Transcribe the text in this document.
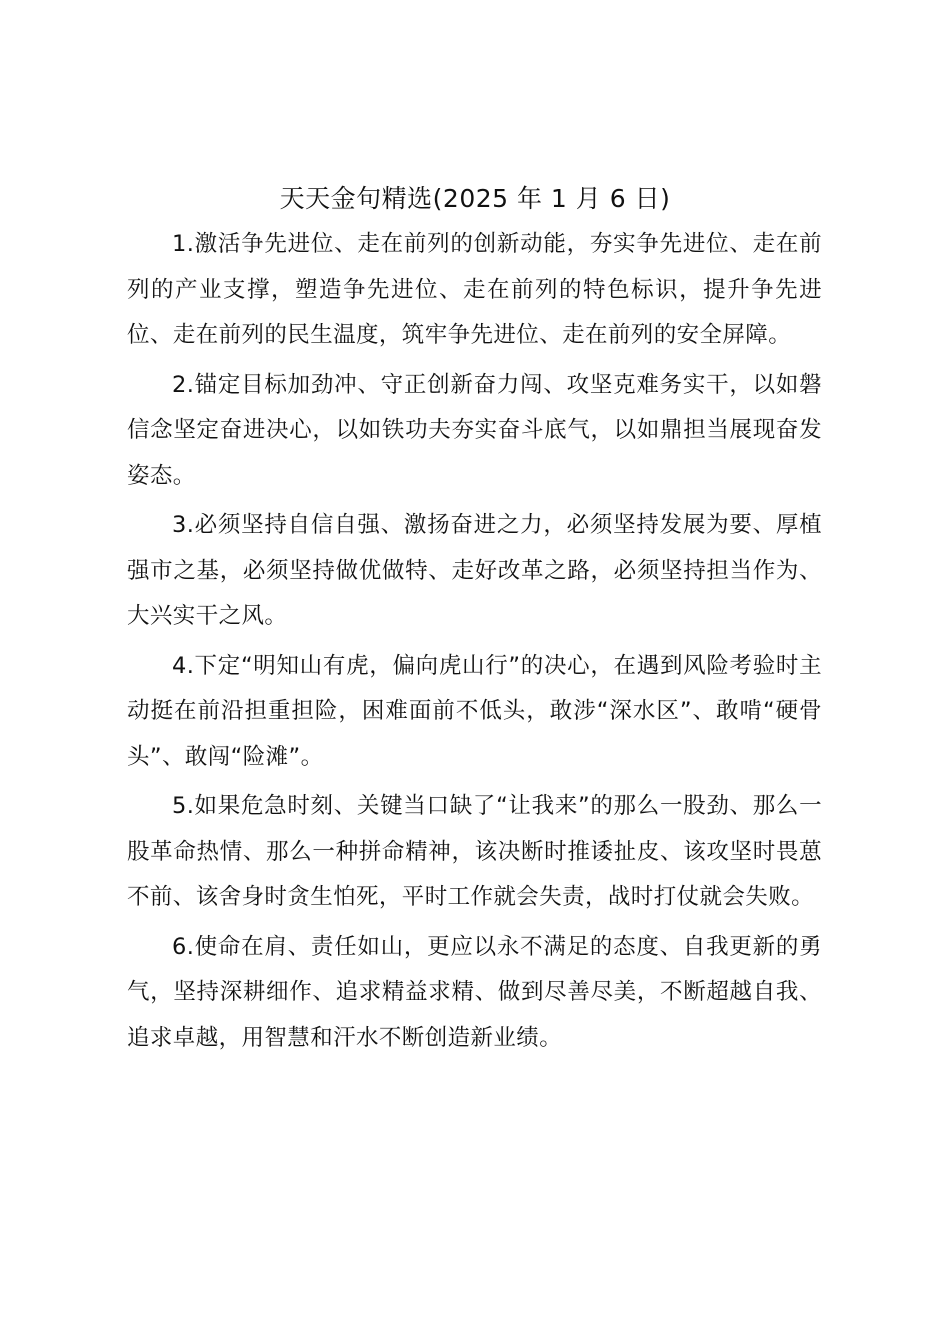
天天金句精选(2025 年 1 月 6 日)

1.激活争先进位、走在前列的创新动能，夯实争先进位、走在前列的产业支撑，塑造争先进位、走在前列的特色标识，提升争先进位、走在前列的民生温度，筑牢争先进位、走在前列的安全屏障。

2.锚定目标加劲冲、守正创新奋力闯、攻坚克难务实干，以如磐信念坚定奋进决心，以如铁功夫夯实奋斗底气，以如鼎担当展现奋发姿态。

3.必须坚持自信自强、激扬奋进之力，必须坚持发展为要、厚植强市之基，必须坚持做优做特、走好改革之路，必须坚持担当作为、大兴实干之风。

4.下定“明知山有虎，偏向虎山行”的决心，在遇到风险考验时主动挺在前沿担重担险，困难面前不低头，敢涉“深水区”、敢啃“硬骨头”、敢闯“险滩”。

5.如果危急时刻、关键当口缺了“让我来”的那么一股劲、那么一股革命热情、那么一种拼命精神，该决断时推诿扯皮、该攻坚时畏葸不前、该舍身时贪生怕死，平时工作就会失责，战时打仗就会失败。

6.使命在肩、责任如山，更应以永不满足的态度、自我更新的勇气，坚持深耕细作、追求精益求精、做到尽善尽美，不断超越自我、追求卓越，用智慧和汗水不断创造新业绩。
